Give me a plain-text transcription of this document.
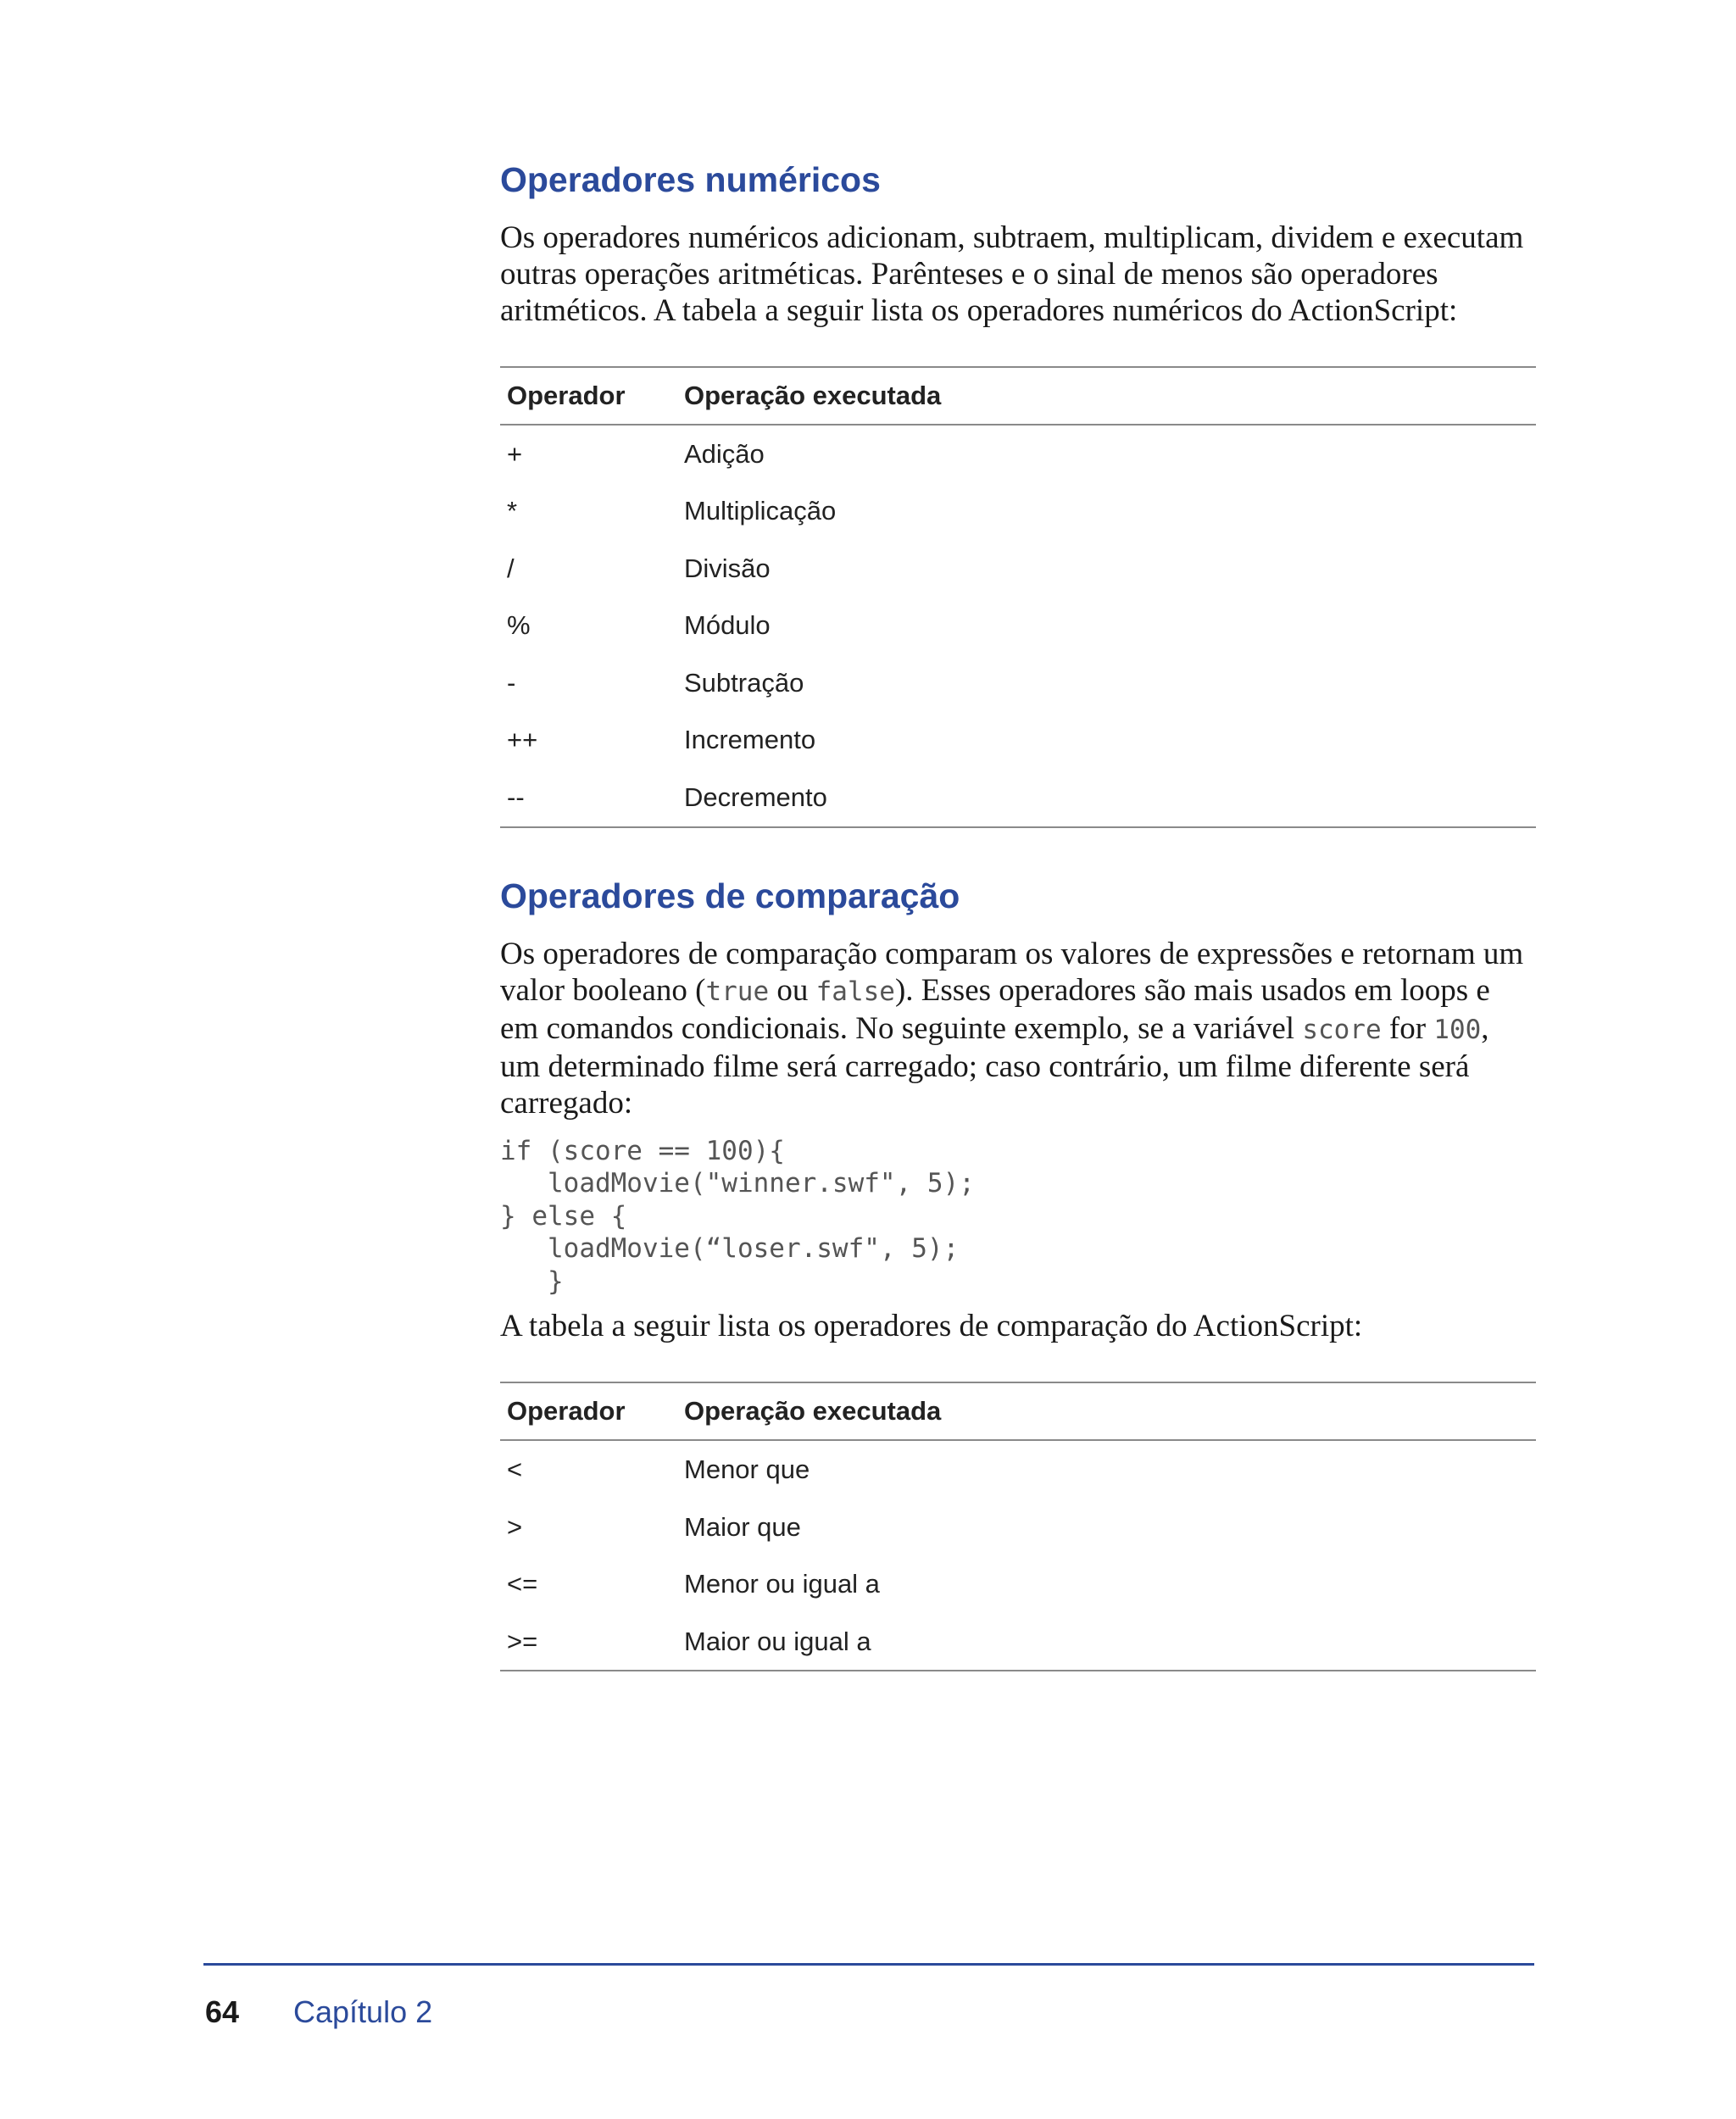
Operadores numéricos

Os operadores numéricos adicionam, subtraem, multiplicam, dividem e executam outras operações aritméticas. Parênteses e o sinal de menos são operadores aritméticos. A tabela a seguir lista os operadores numéricos do ActionScript:

Operador	Operação executada
+	Adição
*	Multiplicação
/	Divisão
%	Módulo
-	Subtração
++	Incremento
--	Decremento
Operadores de comparação

Os operadores de comparação comparam os valores de expressões e retornam um valor booleano (true ou false). Esses operadores são mais usados em loops e em comandos condicionais. No seguinte exemplo, se a variável score for 100, um determinado filme será carregado; caso contrário, um filme diferente será carregado:

if (score == 100){
loadMovie("winner.swf", 5);
} else {
loadMovie(“loser.swf", 5);
}

A tabela a seguir lista os operadores de comparação do ActionScript:

Operador	Operação executada
<	Menor que
>	Maior que
<=	Menor ou igual a
>=	Maior ou igual a
64 Capítulo 2
